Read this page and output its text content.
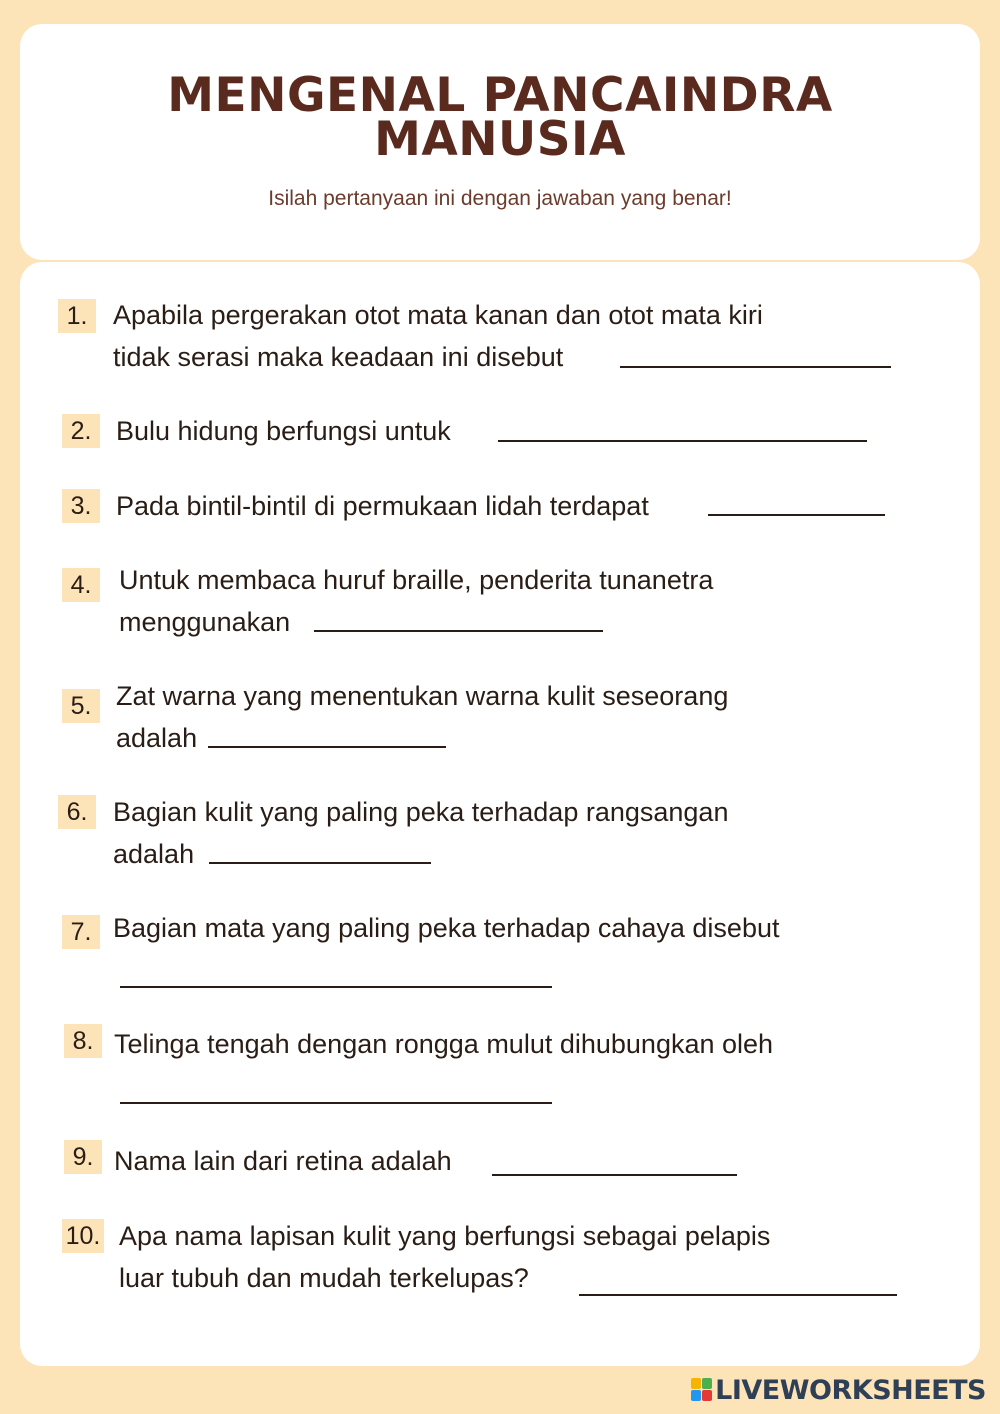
MENGENAL PANCAINDRA
MANUSIA
Isilah pertanyaan ini dengan jawaban yang benar!
1. Apabila pergerakan otot mata kanan dan otot mata kiri
tidak serasi maka keadaan ini disebut
2. Bulu hidung berfungsi untuk
3. Pada bintil-bintil di permukaan lidah terdapat
4.	Untuk membaca huruf braille, penderita tunanetra
menggunakan
5. Zat warna yang menentukan warna kulit seseorang
adalah
6. Bagian kulit yang paling peka terhadap rangsangan
adalah
7. Bagian mata yang paling peka terhadap cahaya disebut
8. Telinga tengah dengan rongga mulut dihubungkan oleh
9. Nama lain dari retina adalah
10. Apa nama lapisan kulit yang berfungsi sebagai pelapis
luar tubuh dan mudah terkelupas?
LIVEWORKSHEETS
